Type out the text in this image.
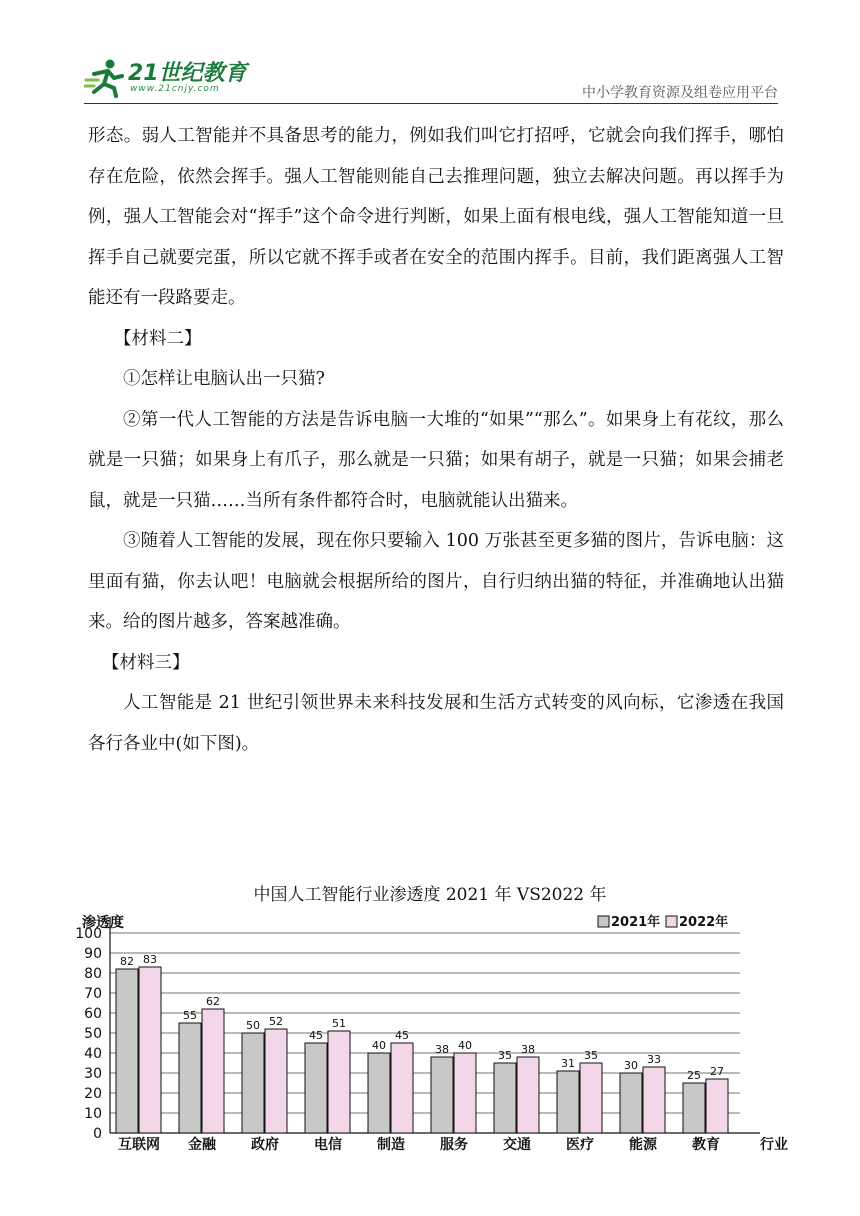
21世纪教育
www.21cnjy.com	中小学教育资源及组卷应用平台

形态。弱人工智能并不具备思考的能力，例如我们叫它打招呼，它就会向我们挥手，哪怕存在危险，依然会挥手。强人工智能则能自己去推理问题，独立去解决问题。再以挥手为例，强人工智能会对“挥手”这个命令进行判断，如果上面有根电线，强人工智能知道一旦挥手自己就要完蛋，所以它就不挥手或者在安全的范围内挥手。目前，我们距离强人工智能还有一段路要走。

【材料二】

①怎样让电脑认出一只猫?

②第一代人工智能的方法是告诉电脑一大堆的“如果”“那么”。如果身上有花纹，那么就是一只猫；如果身上有爪子，那么就是一只猫；如果有胡子，就是一只猫；如果会捕老鼠，就是一只猫……当所有条件都符合时，电脑就能认出猫来。

③随着人工智能的发展，现在你只要输入 100 万张甚至更多猫的图片，告诉电脑：这里面有猫，你去认吧！电脑就会根据所给的图片，自行归纳出猫的特征，并准确地认出猫来。给的图片越多，答案越准确。

【材料三】

人工智能是 21 世纪引领世界未来科技发展和生活方式转变的风向标，它渗透在我国各行各业中(如下图)。

中国人工智能行业渗透度 2021 年 VS2022 年
0
10
20
30
40
50
60
70
80
90
100
渗透度
行业
2021年 2022年
82 83
互联网
55
62
金融
50 52
政府
45
51
电信
40
45
制造
38 40
服务
35 38
交通
31
35
医疗
30 33
能源
25 27
教育
